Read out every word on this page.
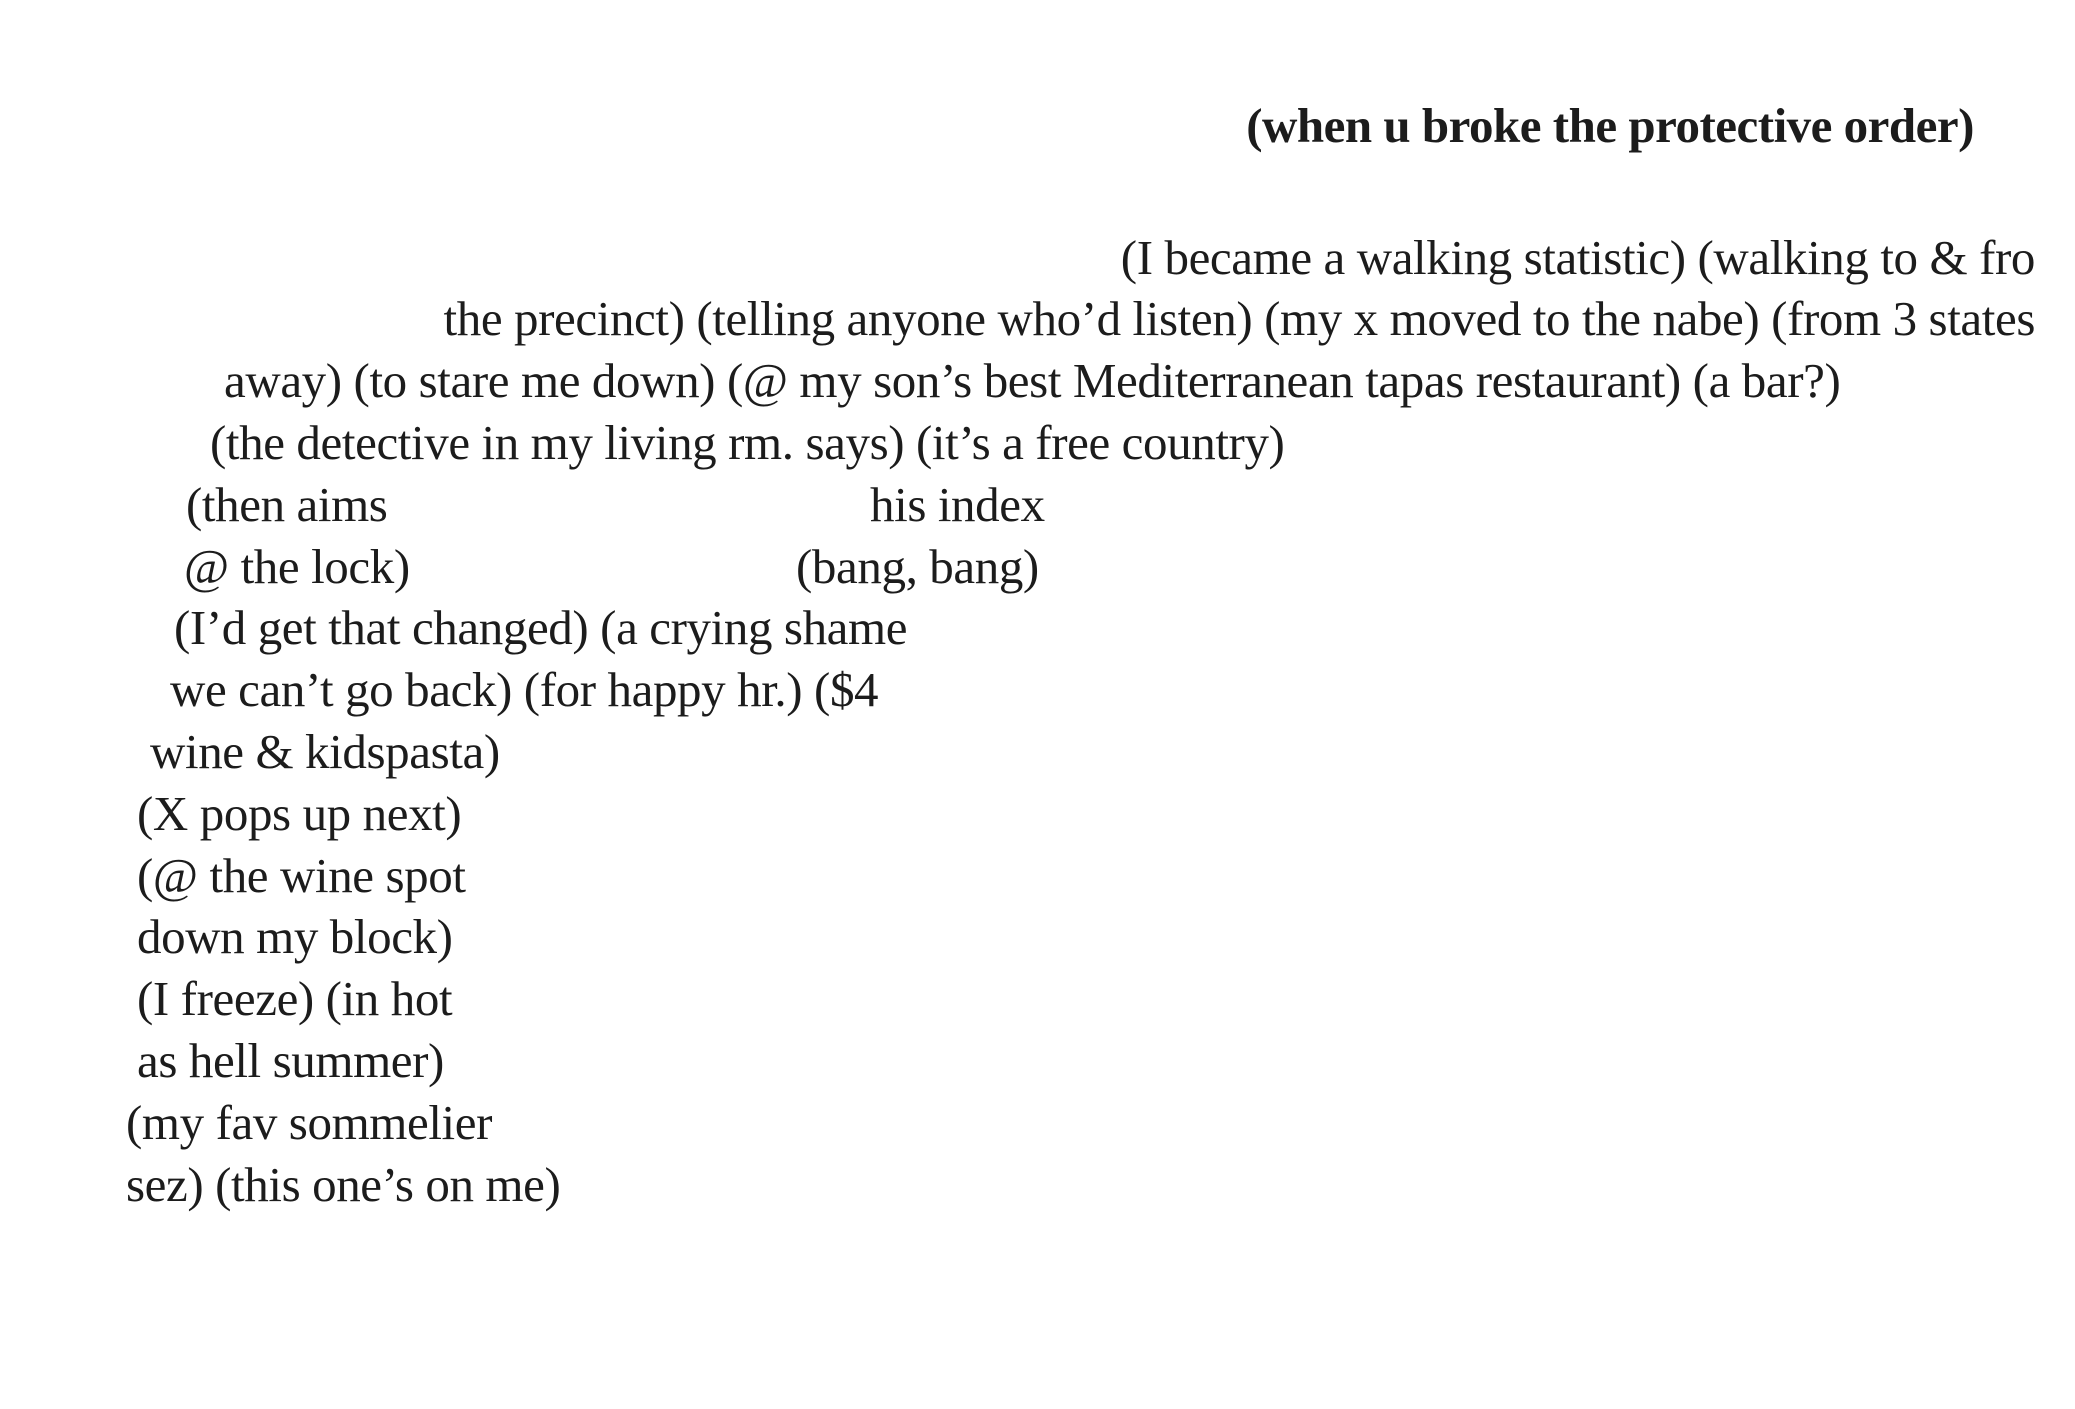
(when u broke the protective order)
(I became a walking statistic) (walking to & fro
the precinct) (telling anyone who’d listen) (my x moved to the nabe) (from 3 states
away) (to stare me down) (@ my son’s best Mediterranean tapas restaurant) (a bar?)
(the detective in my living rm. says) (it’s a free country)
(then aims	his index
@ the lock)	(bang, bang)
(I’d get that changed) (a crying shame
we can’t go back) (for happy hr.) ($4
wine & kidspasta)
(X pops up next)
(@ the wine spot
down my block)
(I freeze) (in hot
as hell summer)
(my fav sommelier
sez) (this one’s on me)
